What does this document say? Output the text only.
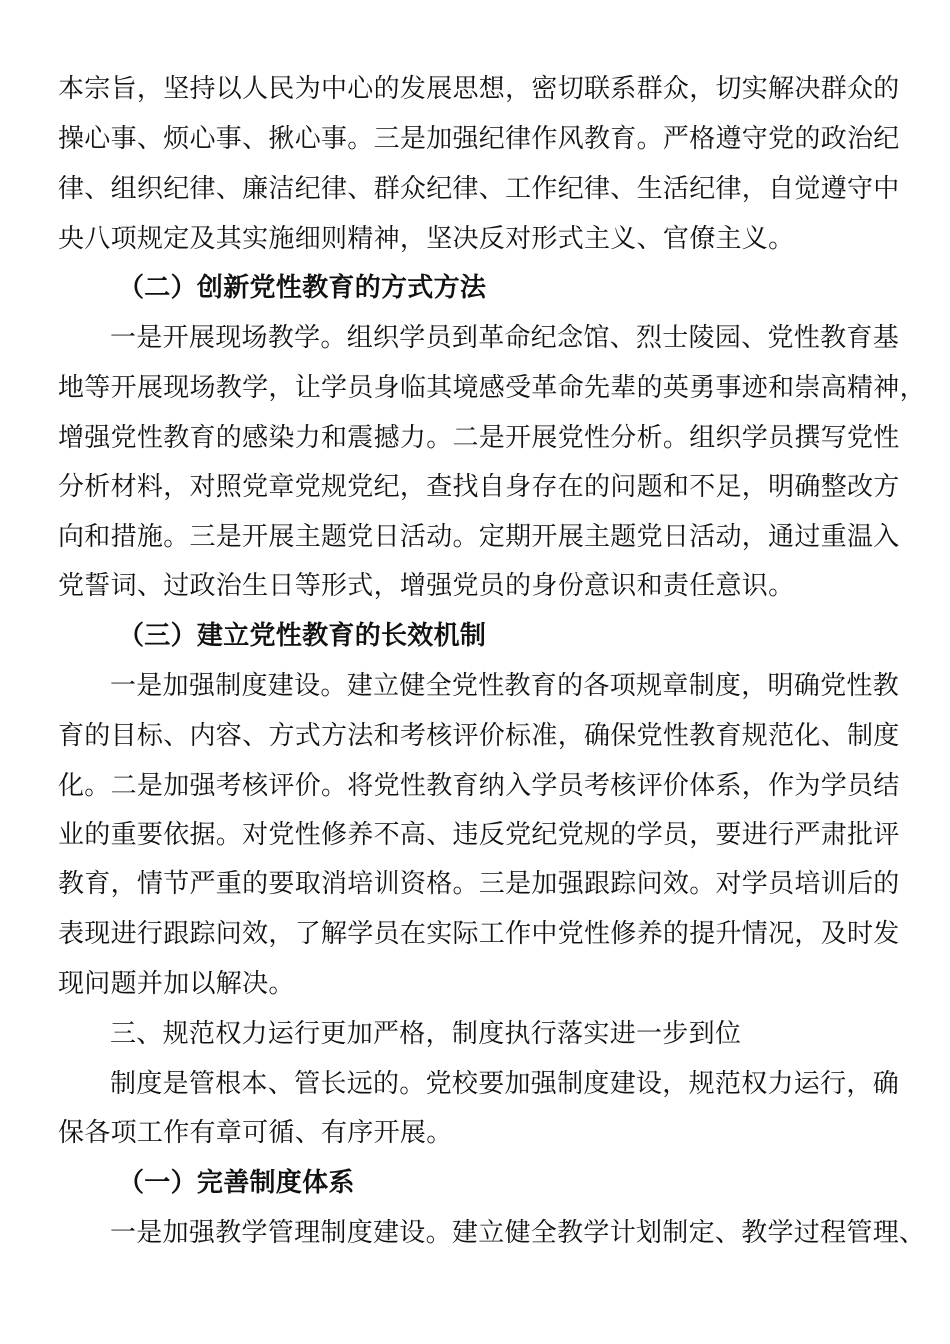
本宗旨，坚持以人民为中心的发展思想，密切联系群众，切实解决群众的
操心事、烦心事、揪心事。三是加强纪律作风教育。严格遵守党的政治纪
律、组织纪律、廉洁纪律、群众纪律、工作纪律、生活纪律，自觉遵守中
央八项规定及其实施细则精神，坚决反对形式主义、官僚主义。
（二）创新党性教育的方式方法
一是开展现场教学。组织学员到革命纪念馆、烈士陵园、党性教育基
地等开展现场教学，让学员身临其境感受革命先辈的英勇事迹和崇高精神，
增强党性教育的感染力和震撼力。二是开展党性分析。组织学员撰写党性
分析材料，对照党章党规党纪，查找自身存在的问题和不足，明确整改方
向和措施。三是开展主题党日活动。定期开展主题党日活动，通过重温入
党誓词、过政治生日等形式，增强党员的身份意识和责任意识。
（三）建立党性教育的长效机制
一是加强制度建设。建立健全党性教育的各项规章制度，明确党性教
育的目标、内容、方式方法和考核评价标准，确保党性教育规范化、制度
化。二是加强考核评价。将党性教育纳入学员考核评价体系，作为学员结
业的重要依据。对党性修养不高、违反党纪党规的学员，要进行严肃批评
教育，情节严重的要取消培训资格。三是加强跟踪问效。对学员培训后的
表现进行跟踪问效，了解学员在实际工作中党性修养的提升情况，及时发
现问题并加以解决。
三、规范权力运行更加严格，制度执行落实进一步到位
制度是管根本、管长远的。党校要加强制度建设，规范权力运行，确
保各项工作有章可循、有序开展。
（一）完善制度体系
一是加强教学管理制度建设。建立健全教学计划制定、教学过程管理、
